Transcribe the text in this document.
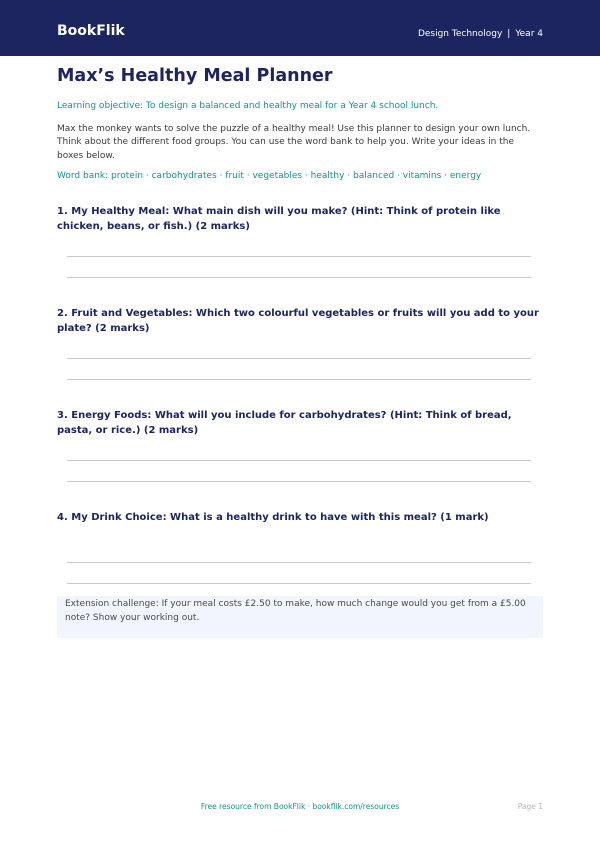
BookFlik	Design Technology | Year 4
Max’s Healthy Meal Planner
Learning objective: To design a balanced and healthy meal for a Year 4 school lunch.
Max the monkey wants to solve the puzzle of a healthy meal! Use this planner to design your own lunch. Think about the different food groups. You can use the word bank to help you. Write your ideas in the boxes below.
Word bank: protein · carbohydrates · fruit · vegetables · healthy · balanced · vitamins · energy
1. My Healthy Meal: What main dish will you make? (Hint: Think of protein like chicken, beans, or fish.) (2 marks)
2. Fruit and Vegetables: Which two colourful vegetables or fruits will you add to your plate? (2 marks)
3. Energy Foods: What will you include for carbohydrates? (Hint: Think of bread, pasta, or rice.) (2 marks)
4. My Drink Choice: What is a healthy drink to have with this meal? (1 mark)

Extension challenge: If your meal costs £2.50 to make, how much change would you get from a £5.00 note? Show your working out.

Free resource from BookFlik · bookflik.com/resources	Page 1
